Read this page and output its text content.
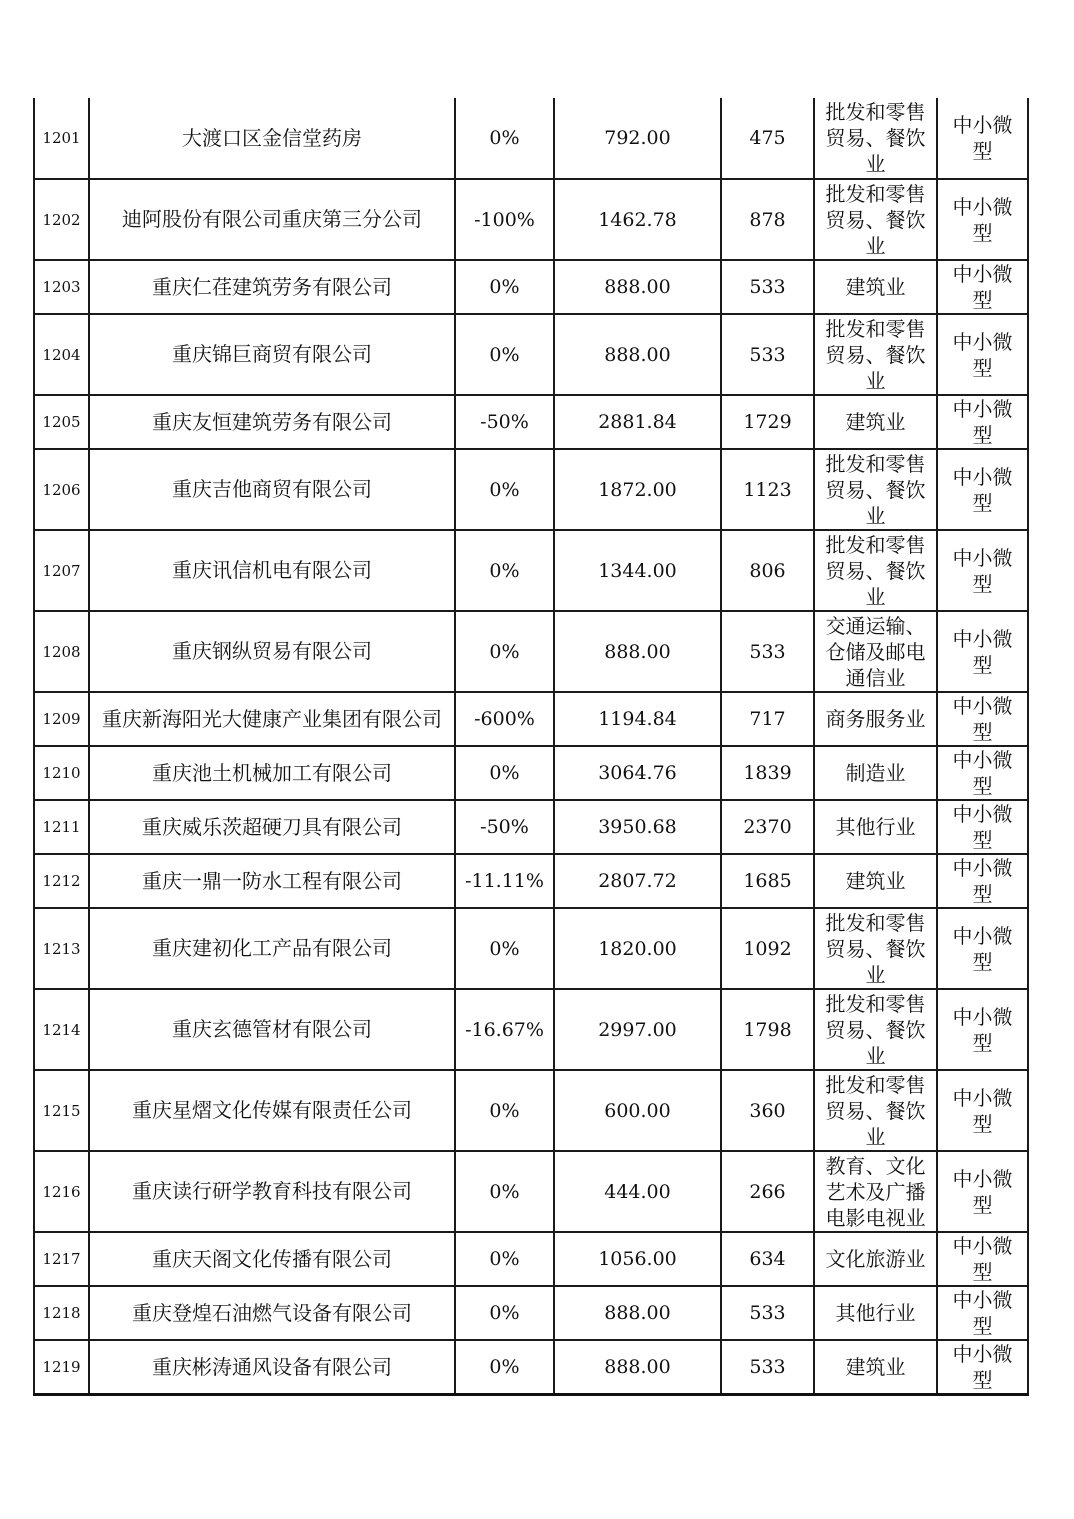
1201	大渡口区金信堂药房	0%	792.00	475	批发和零售贸易、餐饮业	中小微型
1202	迪阿股份有限公司重庆第三分公司	-100%	1462.78	878	批发和零售贸易、餐饮业	中小微型
1203	重庆仁荏建筑劳务有限公司	0%	888.00	533	建筑业	中小微型
1204	重庆锦巨商贸有限公司	0%	888.00	533	批发和零售贸易、餐饮业	中小微型
1205	重庆友恒建筑劳务有限公司	-50%	2881.84	1729	建筑业	中小微型
1206	重庆吉他商贸有限公司	0%	1872.00	1123	批发和零售贸易、餐饮业	中小微型
1207	重庆讯信机电有限公司	0%	1344.00	806	批发和零售贸易、餐饮业	中小微型
1208	重庆钢纵贸易有限公司	0%	888.00	533	交通运输、仓储及邮电通信业	中小微型
1209	重庆新海阳光大健康产业集团有限公司	-600%	1194.84	717	商务服务业	中小微型
1210	重庆池土机械加工有限公司	0%	3064.76	1839	制造业	中小微型
1211	重庆威乐茨超硬刀具有限公司	-50%	3950.68	2370	其他行业	中小微型
1212	重庆一鼎一防水工程有限公司	-11.11%	2807.72	1685	建筑业	中小微型
1213	重庆建初化工产品有限公司	0%	1820.00	1092	批发和零售贸易、餐饮业	中小微型
1214	重庆玄德管材有限公司	-16.67%	2997.00	1798	批发和零售贸易、餐饮业	中小微型
1215	重庆星熠文化传媒有限责任公司	0%	600.00	360	批发和零售贸易、餐饮业	中小微型
1216	重庆读行研学教育科技有限公司	0%	444.00	266	教育、文化艺术及广播电影电视业	中小微型
1217	重庆天阁文化传播有限公司	0%	1056.00	634	文化旅游业	中小微型
1218	重庆登煌石油燃气设备有限公司	0%	888.00	533	其他行业	中小微型
1219	重庆彬涛通风设备有限公司	0%	888.00	533	建筑业	中小微型
